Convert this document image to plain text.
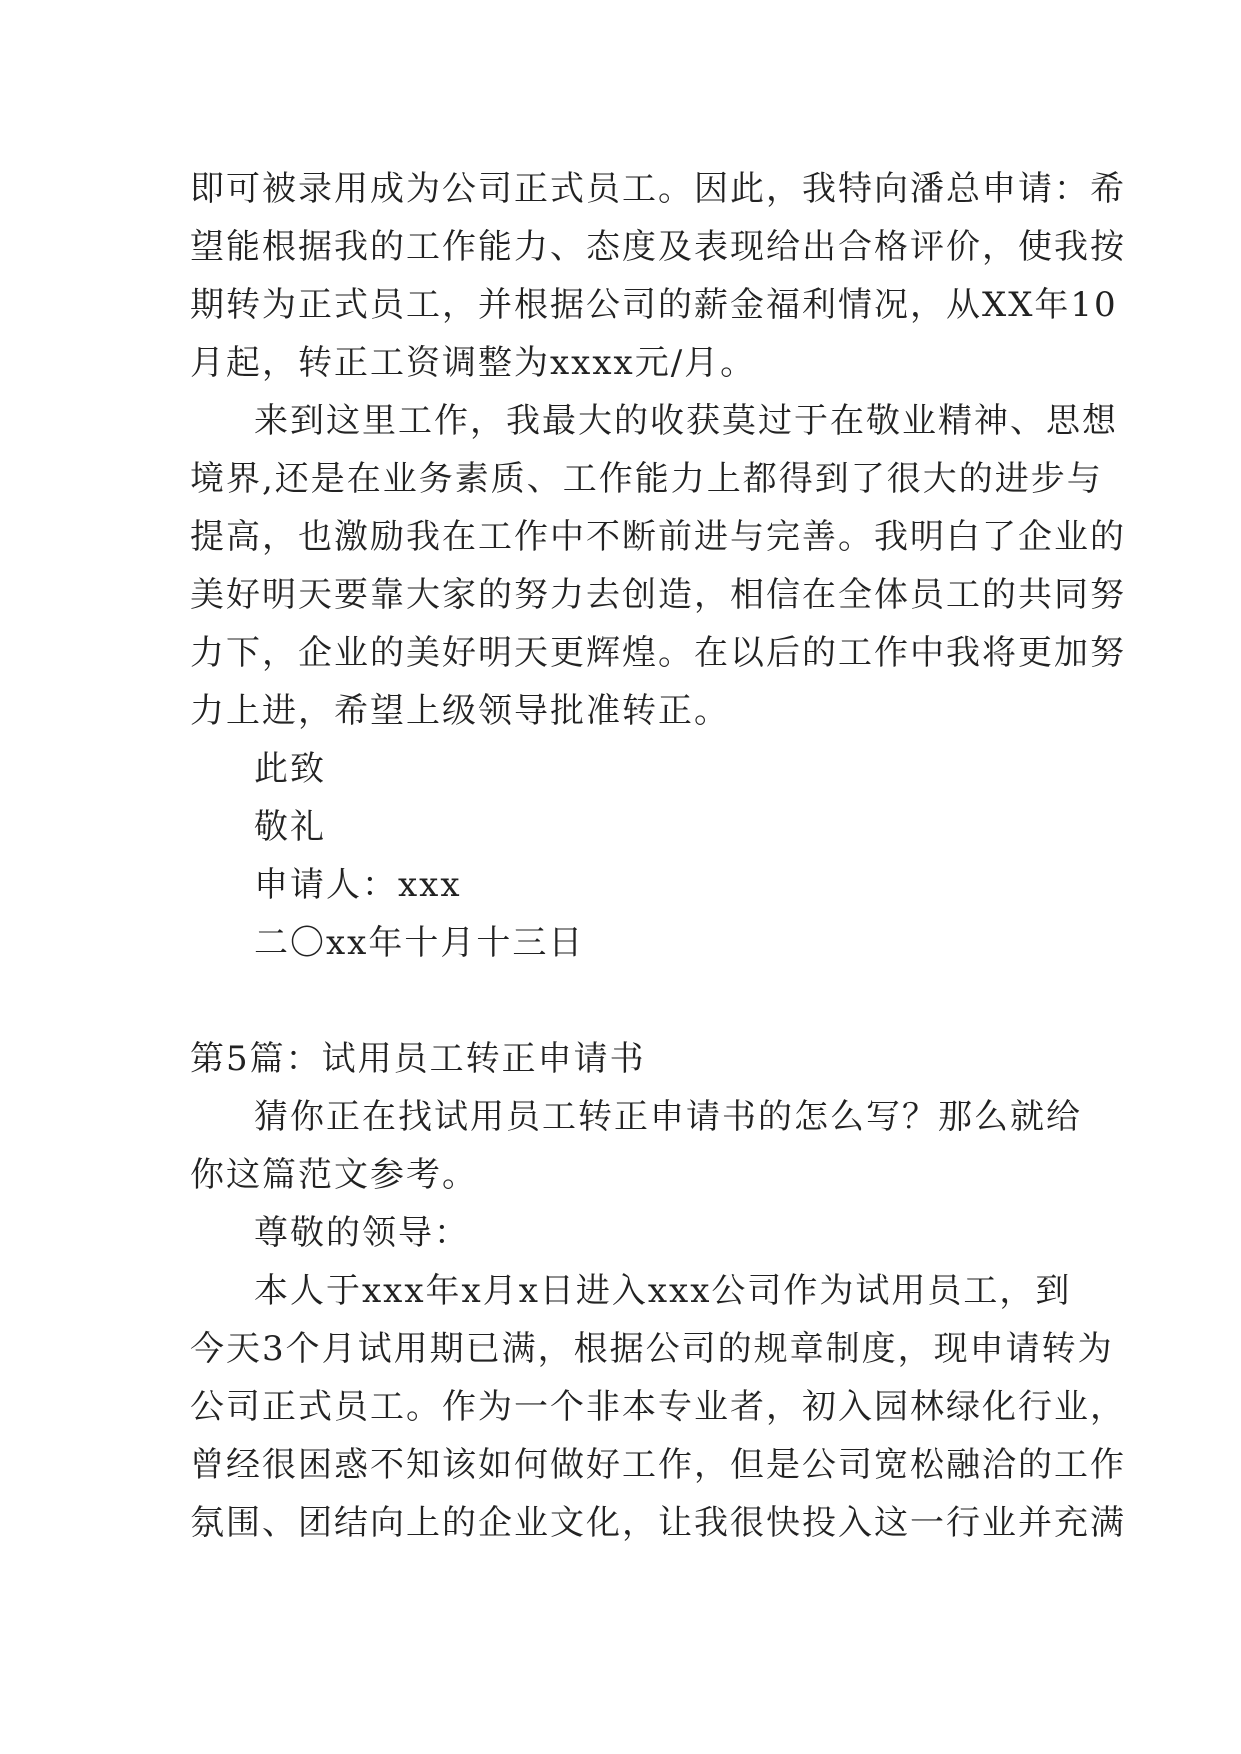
即可被录用成为公司正式员工。因此，我特向潘总申请：希
望能根据我的工作能力、态度及表现给出合格评价，使我按
期转为正式员工，并根据公司的薪金福利情况，从XX年10
月起，转正工资调整为xxxx元/月。
来到这里工作，我最大的收获莫过于在敬业精神、思想
境界,还是在业务素质、工作能力上都得到了很大的进步与
提高，也激励我在工作中不断前进与完善。我明白了企业的
美好明天要靠大家的努力去创造，相信在全体员工的共同努
力下，企业的美好明天更辉煌。在以后的工作中我将更加努
力上进，希望上级领导批准转正。
此致
敬礼
申请人：xxx
二〇xx年十月十三日
第5篇：试用员工转正申请书
猜你正在找试用员工转正申请书的怎么写？那么就给
你这篇范文参考。
尊敬的领导：
本人于xxx年x月x日进入xxx公司作为试用员工，到
今天3个月试用期已满，根据公司的规章制度，现申请转为
公司正式员工。作为一个非本专业者，初入园林绿化行业，
曾经很困惑不知该如何做好工作，但是公司宽松融洽的工作
氛围、团结向上的企业文化，让我很快投入这一行业并充满
